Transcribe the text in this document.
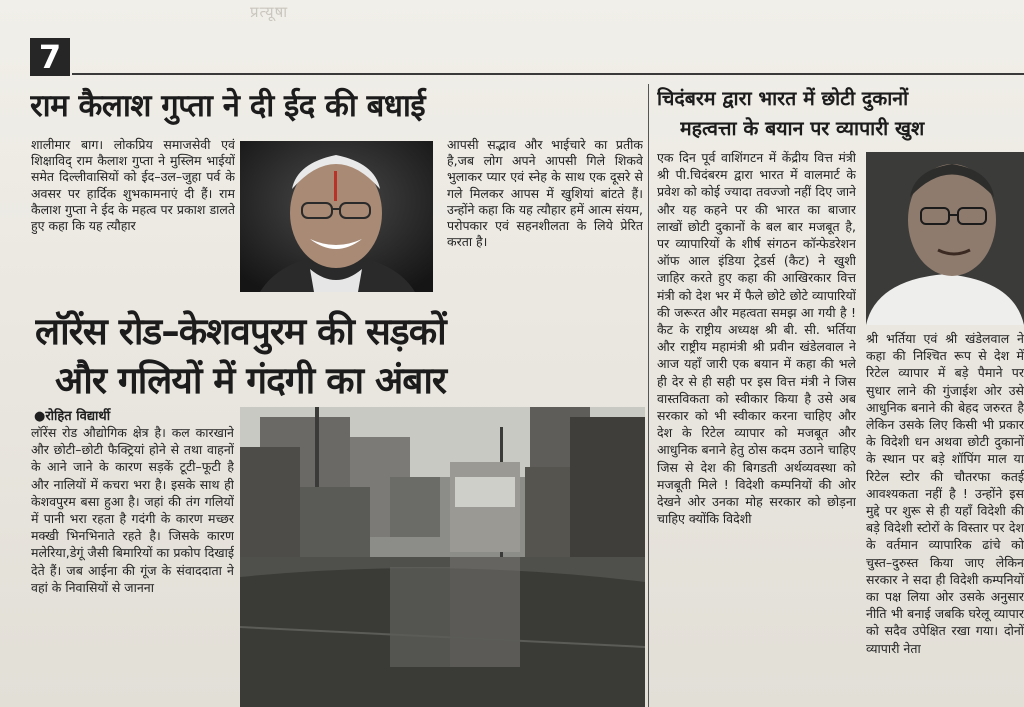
प्रत्यूषा
7
राम कैलाश गुप्ता ने दी ईद की बधाई

शालीमार बाग। लोकप्रिय समाजसेवी एवं शिक्षाविद् राम कैलाश गुप्ता ने मुस्लिम भाईयों समेत दिल्लीवासियों को ईद–उल–जुहा पर्व के अवसर पर हार्दिक शुभकामनाएं दी हैं। राम कैलाश गुप्ता ने ईद के महत्व पर प्रकाश डालते हुए कहा कि यह त्यौहार

आपसी सद्भाव और भाईचारे का प्रतीक है,जब लोग अपने आपसी गिले शिकवे भुलाकर प्यार एवं स्नेह के साथ एक दूसरे से गले मिलकर आपस में खुशियां बांटते हैं। उन्होंने कहा कि यह त्यौहार हमें आत्म संयम, परोपकार एवं सहनशीलता के लिये प्रेरित करता है।

लॉरेंस रोड–केशवपुरम की सड़कों
और गलियों में गंदगी का अंबार
●रोहित विद्यार्थी

लॉरेंस रोड औद्योगिक क्षेत्र है। कल कारखाने और छोटी–छोटी फैक्ट्रियां होने से तथा वाहनों के आने जाने के कारण सड़कें टूटी–फूटी है और नालियों में कचरा भरा है। इसके साथ ही केशवपुरम बसा हुआ है। जहां की तंग गलियों में पानी भरा रहता है गदंगी के कारण मच्छर मक्खी भिनभिनाते रहते है। जिसके कारण मलेरिया,डेगूं जैसी बिमारियों का प्रकोप दिखाई देते हैं। जब आईना की गूंज के संवाददाता ने वहां के निवासियों से जानना

चिदंबरम द्वारा भारत में छोटी दुकानों
महत्वत्ता के बयान पर व्यापारी खुश

एक दिन पूर्व वाशिंगटन में केंद्रीय वित्त मंत्री श्री पी.चिदंबरम द्वारा भारत में वालमार्ट के प्रवेश को कोई ज्यादा तवज्जो नहीं दिए जाने और यह कहने पर की भारत का बाजार लाखों छोटी दुकानों के बल बार मजबूत है, पर व्यापारियों के शीर्ष संगठन कॉन्फेडरेशन ऑफ आल इंडिया ट्रेडर्स (कैट) ने खुशी जाहिर करते हुए कहा की आखिरकार वित्त मंत्री को देश भर में फैले छोटे छोटे व्यापारियों की जरूरत और महत्वता समझ आ गयी है ! कैट के राष्ट्रीय अध्यक्ष श्री बी. सी. भर्तिया और राष्ट्रीय महामंत्री श्री प्रवीन खंडेलवाल ने आज यहाँ जारी एक बयान में कहा की भले ही देर से ही सही पर इस वित्त मंत्री ने जिस वास्तविकता को स्वीकार किया है उसे अब सरकार को भी स्वीकार करना चाहिए और देश के रिटेल व्यापार को मजबूत और आधुनिक बनाने हेतु ठोस कदम उठाने चाहिए जिस से देश की बिगडती अर्थव्यवस्था को मजबूती मिले ! विदेशी कम्पनियों की ओर देखने ओर उनका मोह सरकार को छोड़ना चाहिए क्योंकि विदेशी

श्री भर्तिया एवं श्री खंडेलवाल ने कहा की निश्चित रूप से देश में रिटेल व्यापार में बड़े पैमाने पर सुधार लाने की गुंजाईश ओर उसे आधुनिक बनाने की बेहद जरुरत है लेकिन उसके लिए किसी भी प्रकार के विदेशी धन अथवा छोटी दुकानों के स्थान पर बड़े शॉपिंग माल या रिटेल स्टोर की चौतरफा कतई आवश्यकता नहीं है ! उन्होंने इस मुद्दे पर शुरू से ही यहाँ विदेशी की बड़े विदेशी स्टोरों के विस्तार पर देश के वर्तमान व्यापारिक ढांचे को चुस्त–दुरुस्त किया जाए लेकिन सरकार ने सदा ही विदेशी कम्पनियों का पक्ष लिया ओर उसके अनुसार नीति भी बनाई जबकि घरेलू व्यापार को सदैव उपेक्षित रखा गया। दोनों व्यापारी नेता
